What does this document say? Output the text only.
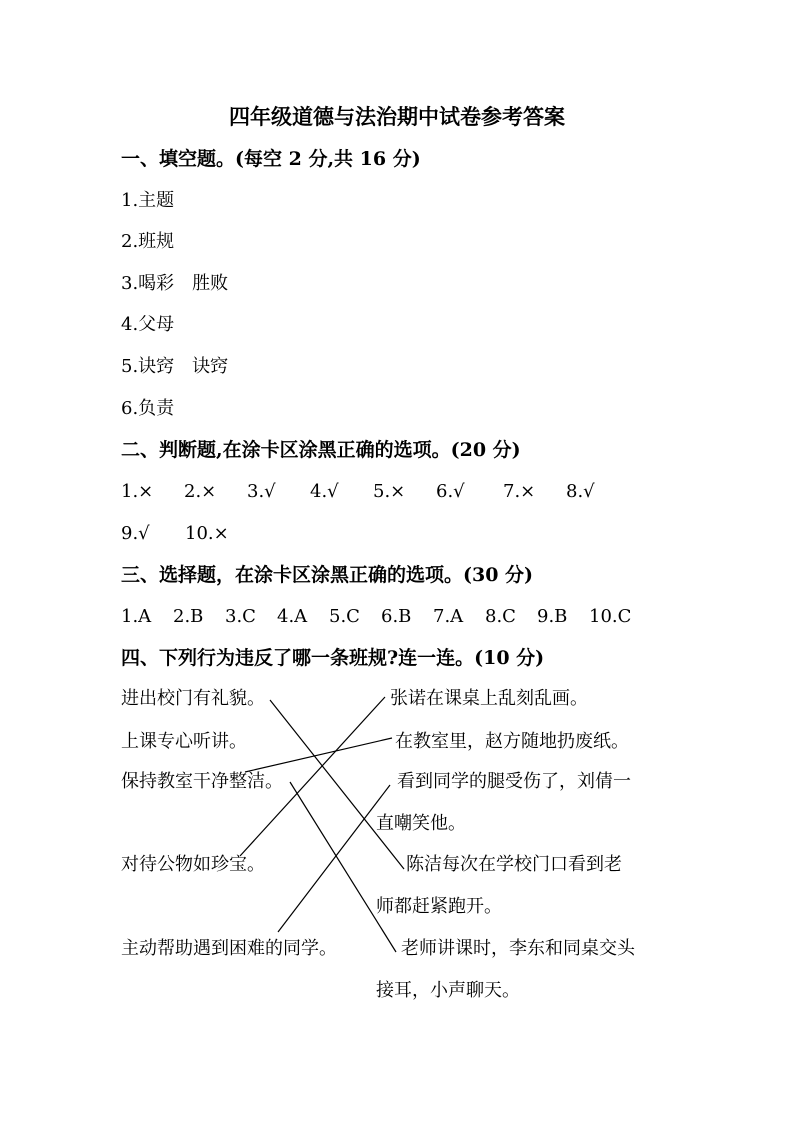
四年级道德与法治期中试卷参考答案
一、填空题。(每空 2 分,共 16 分)
1.主题
2.班规
3.喝彩　胜败
4.父母
5.诀窍　诀窍
6.负责
二、判断题,在涂卡区涂黑正确的选项。(20 分)
1.×	2.×	3.√	4.√	5.×	6.√	7.×	8.√
9.√	10.×
三、选择题，在涂卡区涂黑正确的选项。(30 分)
1.A	2.B	3.C	4.A	5.C	6.B	7.A	8.C	9.B	10.C
四、下列行为违反了哪一条班规?连一连。(10 分)
进出校门有礼貌。
上课专心听讲。
保持教室干净整洁。
对待公物如珍宝。
主动帮助遇到困难的同学。
张诺在课桌上乱刻乱画。
在教室里，赵方随地扔废纸。
看到同学的腿受伤了，刘倩一
直嘲笑他。
陈洁每次在学校门口看到老
师都赶紧跑开。
老师讲课时，李东和同桌交头
接耳，小声聊天。
